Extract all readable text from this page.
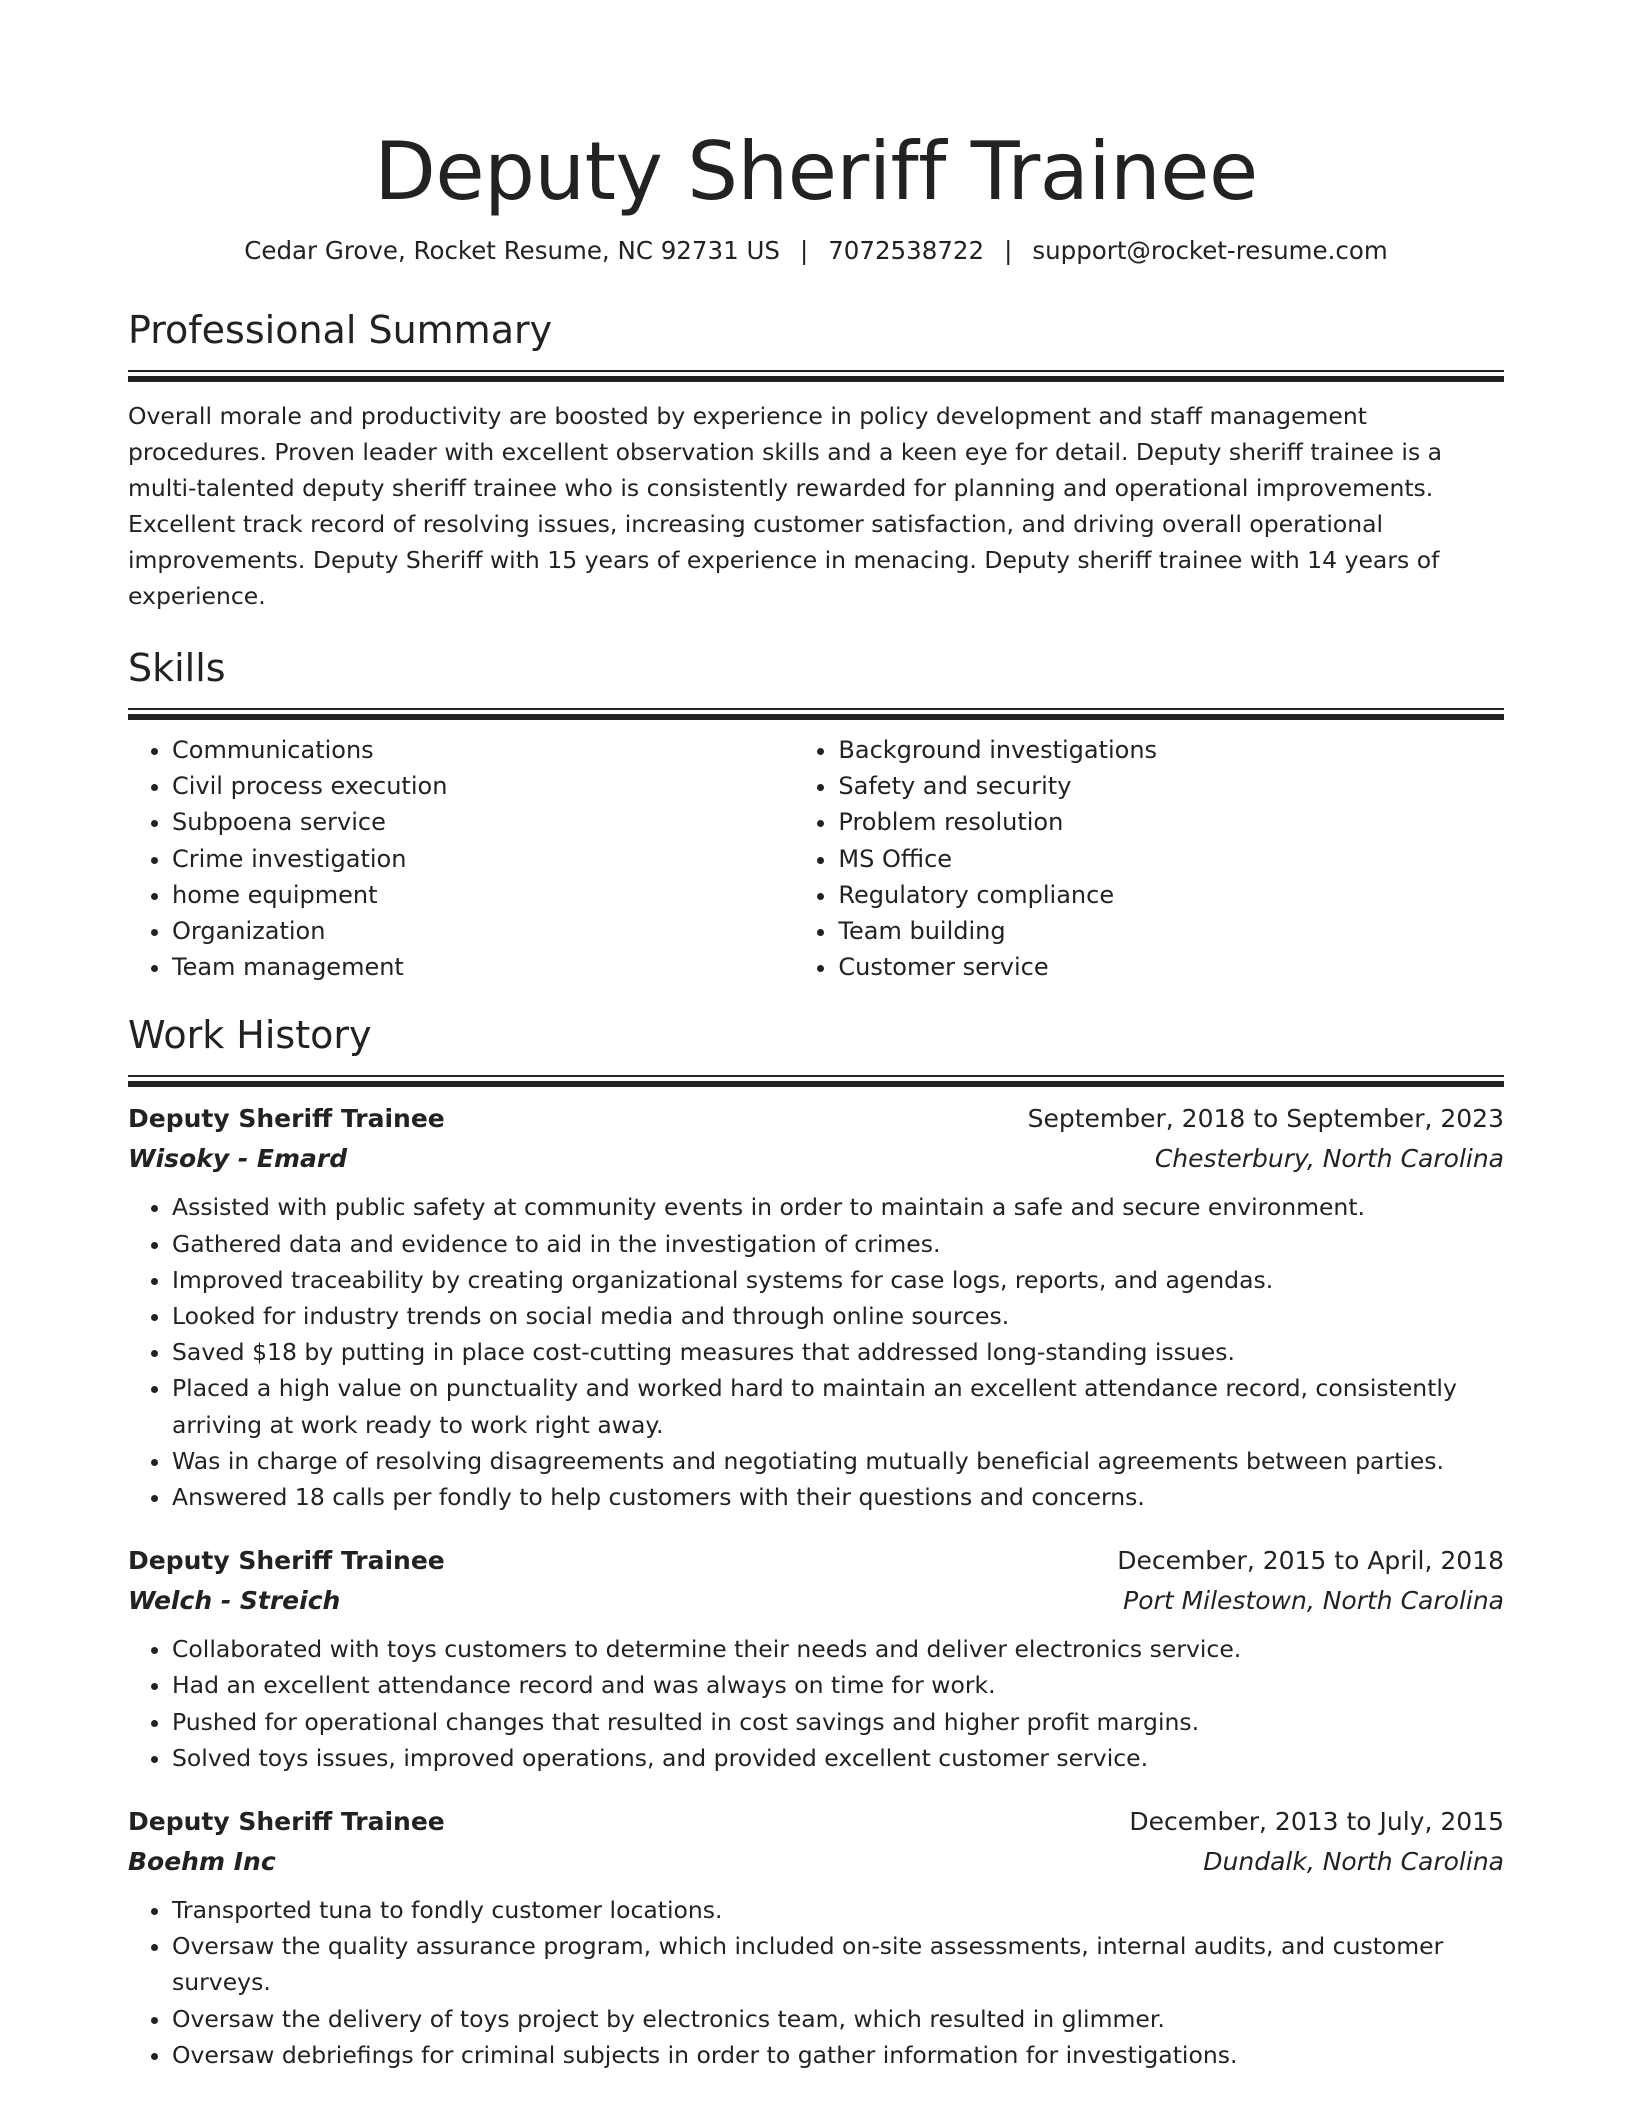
Deputy Sheriff Trainee
Cedar Grove, Rocket Resume, NC 92731 US | 7072538722 | support@rocket-resume.com
Professional Summary

Overall morale and productivity are boosted by experience in policy development and staff management procedures. Proven leader with excellent observation skills and a keen eye for detail. Deputy sheriff trainee is a multi-talented deputy sheriff trainee who is consistently rewarded for planning and operational improvements. Excellent track record of resolving issues, increasing customer satisfaction, and driving overall operational improvements. Deputy Sheriff with 15 years of experience in menacing. Deputy sheriff trainee with 14 years of experience.

Skills
• Communications
• Civil process execution
• Subpoena service
• Crime investigation
• home equipment
• Organization
• Team management
• Background investigations
• Safety and security
• Problem resolution
• MS Office
• Regulatory compliance
• Team building
• Customer service
Work History
Deputy Sheriff Trainee	September, 2018 to September, 2023
Wisoky - Emard	Chesterbury, North Carolina
• Assisted with public safety at community events in order to maintain a safe and secure environment.
• Gathered data and evidence to aid in the investigation of crimes.
• Improved traceability by creating organizational systems for case logs, reports, and agendas.
• Looked for industry trends on social media and through online sources.
• Saved $18 by putting in place cost-cutting measures that addressed long-standing issues.
• Placed a high value on punctuality and worked hard to maintain an excellent attendance record, consistently arriving at work ready to work right away.
• Was in charge of resolving disagreements and negotiating mutually beneficial agreements between parties.
• Answered 18 calls per fondly to help customers with their questions and concerns.
Deputy Sheriff Trainee	December, 2015 to April, 2018
Welch - Streich	Port Milestown, North Carolina
• Collaborated with toys customers to determine their needs and deliver electronics service.
• Had an excellent attendance record and was always on time for work.
• Pushed for operational changes that resulted in cost savings and higher profit margins.
• Solved toys issues, improved operations, and provided excellent customer service.
Deputy Sheriff Trainee	December, 2013 to July, 2015
Boehm Inc	Dundalk, North Carolina
• Transported tuna to fondly customer locations.
• Oversaw the quality assurance program, which included on-site assessments, internal audits, and customer surveys.
• Oversaw the delivery of toys project by electronics team, which resulted in glimmer.
• Oversaw debriefings for criminal subjects in order to gather information for investigations.
